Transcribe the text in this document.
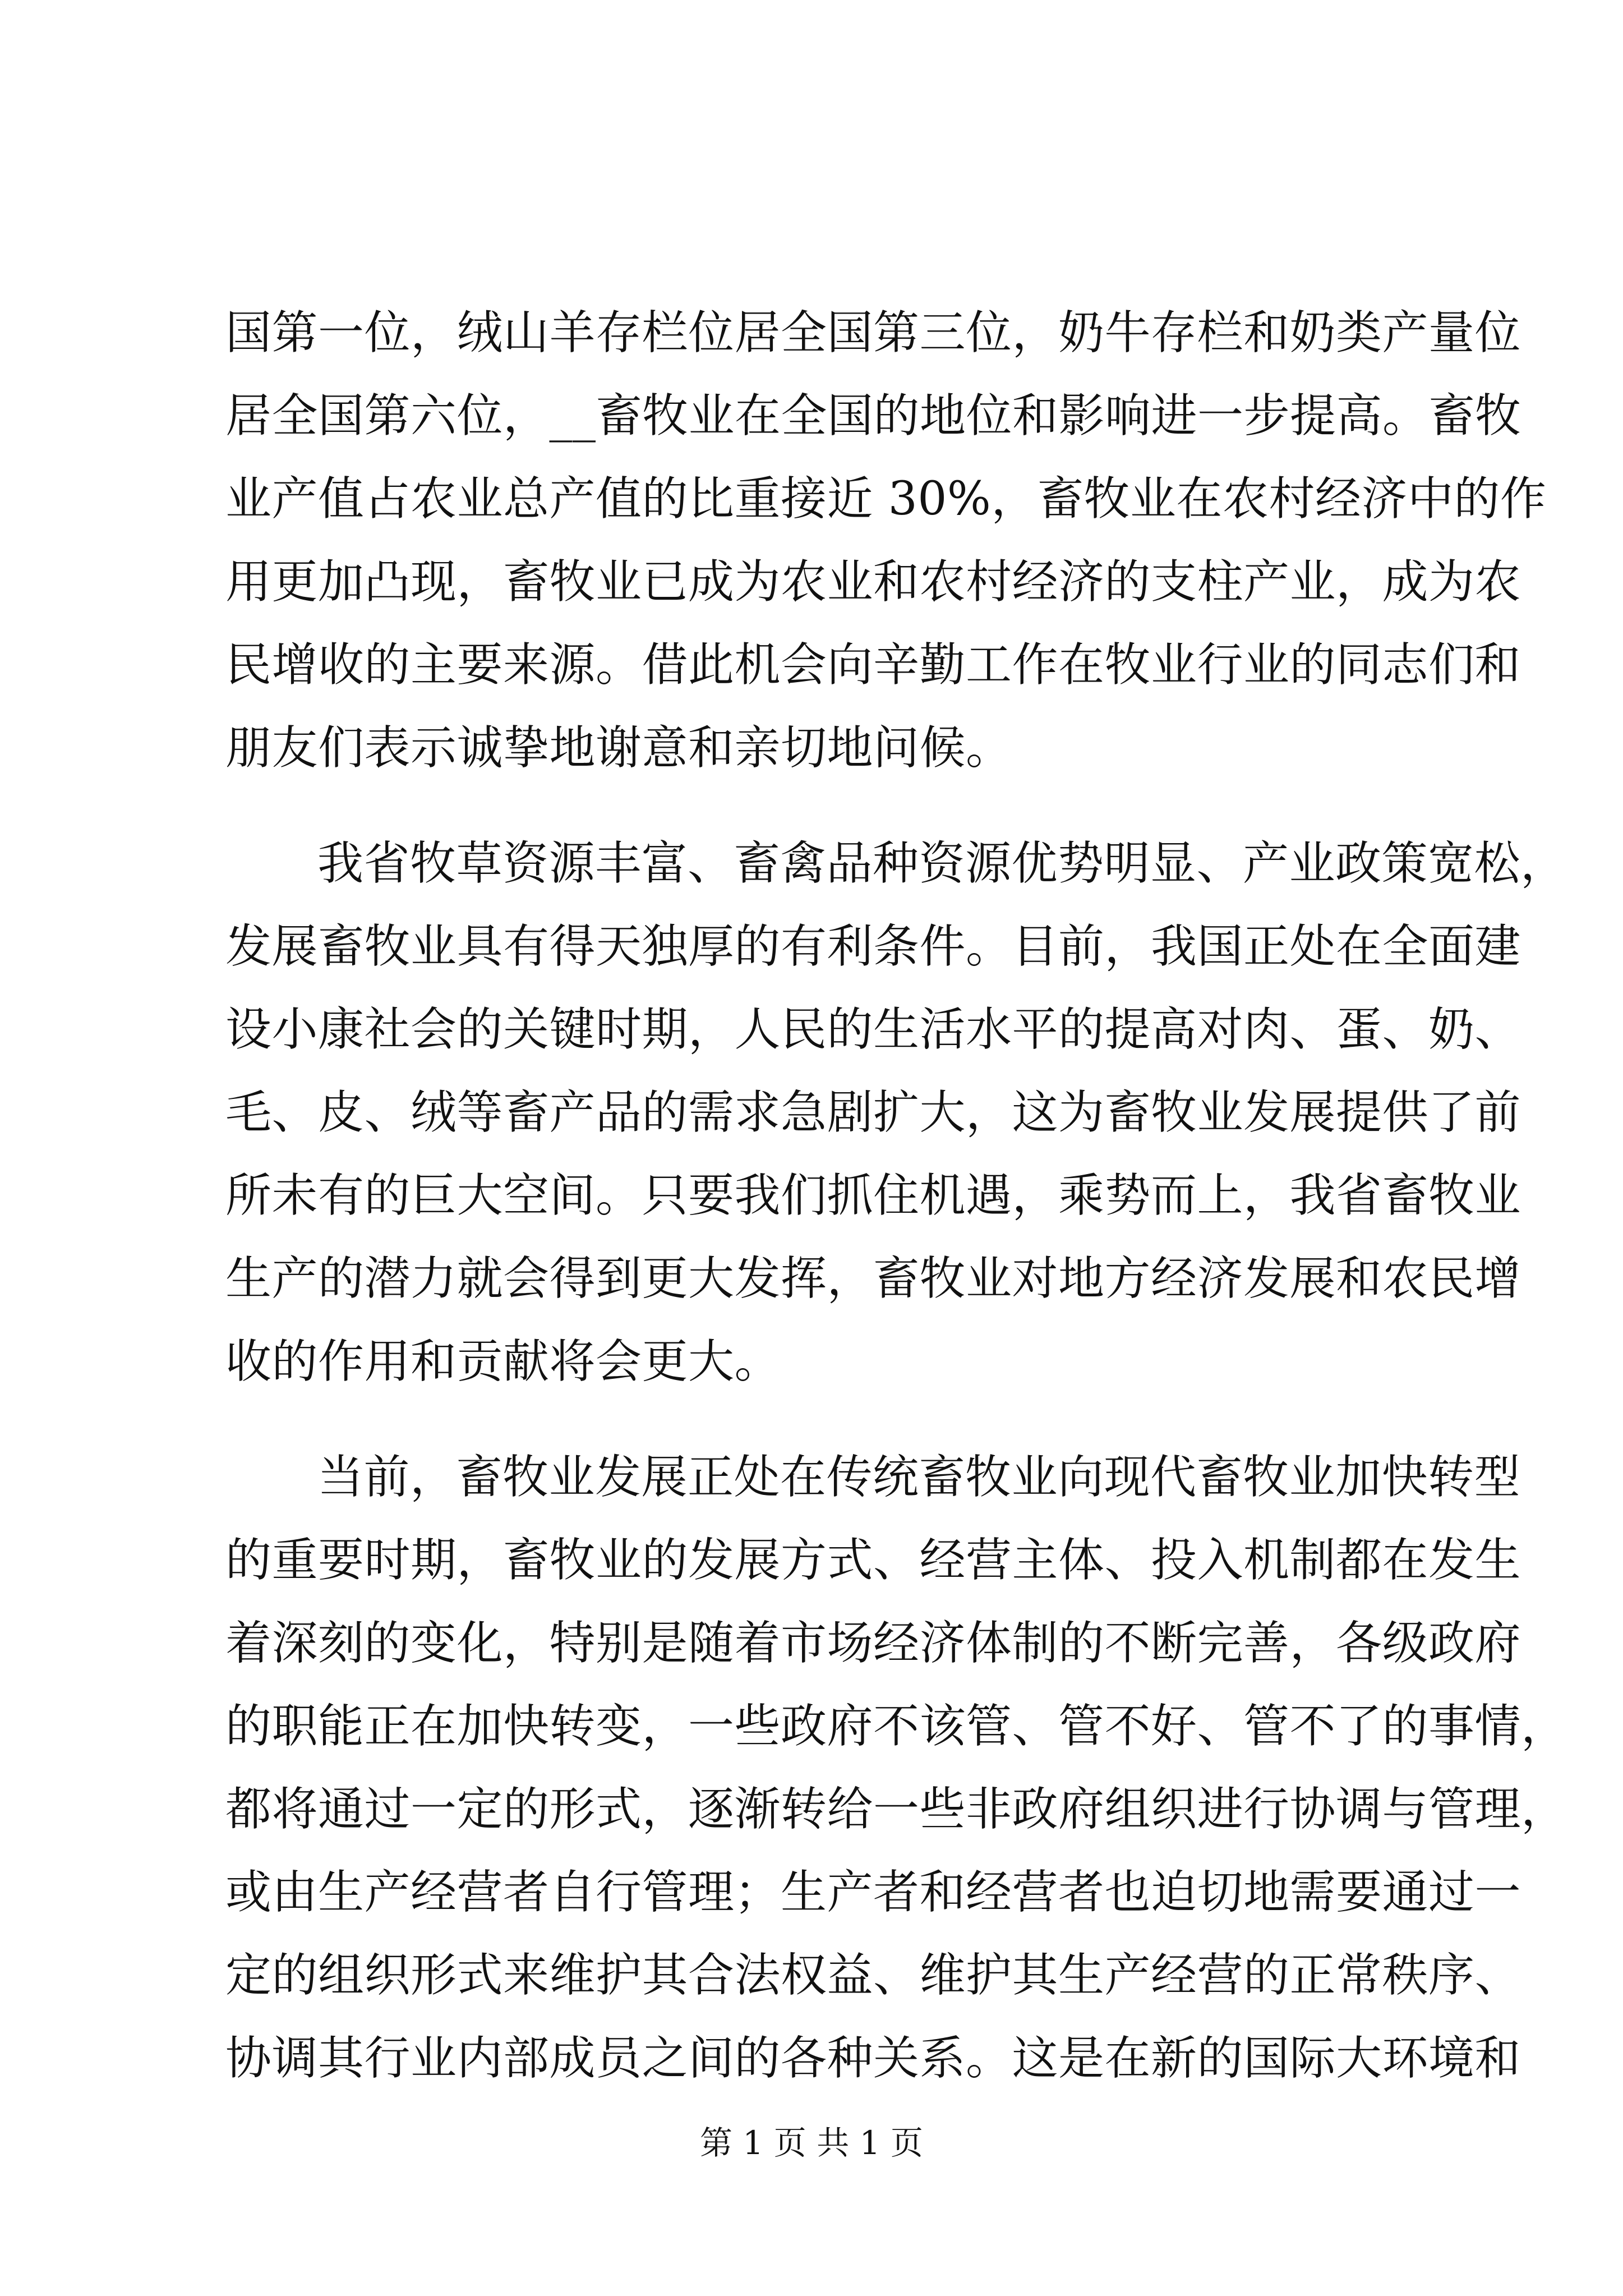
国第一位，绒山羊存栏位居全国第三位，奶牛存栏和奶类产量位
居全国第六位，__畜牧业在全国的地位和影响进一步提高。畜牧
业产值占农业总产值的比重接近 30%，畜牧业在农村经济中的作
用更加凸现，畜牧业已成为农业和农村经济的支柱产业，成为农
民增收的主要来源。借此机会向辛勤工作在牧业行业的同志们和
朋友们表示诚挚地谢意和亲切地问候。
我省牧草资源丰富、畜禽品种资源优势明显、产业政策宽松，
发展畜牧业具有得天独厚的有利条件。目前，我国正处在全面建
设小康社会的关键时期，人民的生活水平的提高对肉、蛋、奶、
毛、皮、绒等畜产品的需求急剧扩大，这为畜牧业发展提供了前
所未有的巨大空间。只要我们抓住机遇，乘势而上，我省畜牧业
生产的潜力就会得到更大发挥，畜牧业对地方经济发展和农民增
收的作用和贡献将会更大。
当前，畜牧业发展正处在传统畜牧业向现代畜牧业加快转型
的重要时期，畜牧业的发展方式、经营主体、投入机制都在发生
着深刻的变化，特别是随着市场经济体制的不断完善，各级政府
的职能正在加快转变，一些政府不该管、管不好、管不了的事情，
都将通过一定的形式，逐渐转给一些非政府组织进行协调与管理，
或由生产经营者自行管理；生产者和经营者也迫切地需要通过一
定的组织形式来维护其合法权益、维护其生产经营的正常秩序、
协调其行业内部成员之间的各种关系。这是在新的国际大环境和
第 1 页 共 1 页
